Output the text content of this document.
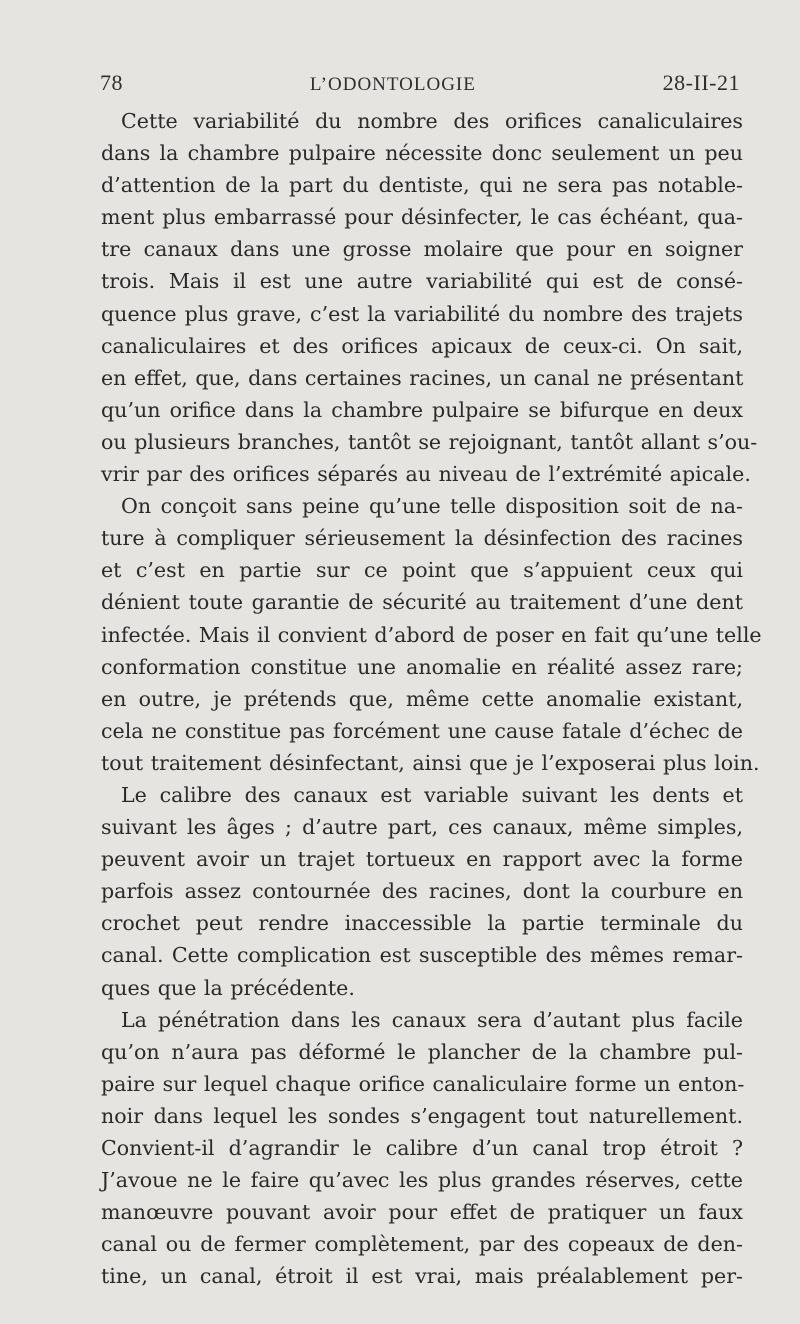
78	L’ODONTOLOGIE	28-II-21
Cette variabilité du nombre des orifices canaliculaires
dans la chambre pulpaire nécessite donc seulement un peu
d’attention de la part du dentiste, qui ne sera pas notable-
ment plus embarrassé pour désinfecter, le cas échéant, qua-
tre canaux dans une grosse molaire que pour en soigner
trois. Mais il est une autre variabilité qui est de consé-
quence plus grave, c’est la variabilité du nombre des trajets
canaliculaires et des orifices apicaux de ceux-ci. On sait,
en effet, que, dans certaines racines, un canal ne présentant
qu’un orifice dans la chambre pulpaire se bifurque en deux
ou plusieurs branches, tantôt se rejoignant, tantôt allant s’ou-
vrir par des orifices séparés au niveau de l’extrémité apicale.
On conçoit sans peine qu’une telle disposition soit de na-
ture à compliquer sérieusement la désinfection des racines
et c’est en partie sur ce point que s’appuient ceux qui
dénient toute garantie de sécurité au traitement d’une dent
infectée. Mais il convient d’abord de poser en fait qu’une telle
conformation constitue une anomalie en réalité assez rare;
en outre, je prétends que, même cette anomalie existant,
cela ne constitue pas forcément une cause fatale d’échec de
tout traitement désinfectant, ainsi que je l’exposerai plus loin.
Le calibre des canaux est variable suivant les dents et
suivant les âges ; d’autre part, ces canaux, même simples,
peuvent avoir un trajet tortueux en rapport avec la forme
parfois assez contournée des racines, dont la courbure en
crochet peut rendre inaccessible la partie terminale du
canal. Cette complication est susceptible des mêmes remar-
ques que la précédente.
La pénétration dans les canaux sera d’autant plus facile
qu’on n’aura pas déformé le plancher de la chambre pul-
paire sur lequel chaque orifice canaliculaire forme un enton-
noir dans lequel les sondes s’engagent tout naturellement.
Convient-il d’agrandir le calibre d’un canal trop étroit ?
J’avoue ne le faire qu’avec les plus grandes réserves, cette
manœuvre pouvant avoir pour effet de pratiquer un faux
canal ou de fermer complètement, par des copeaux de den-
tine, un canal, étroit il est vrai, mais préalablement per-
